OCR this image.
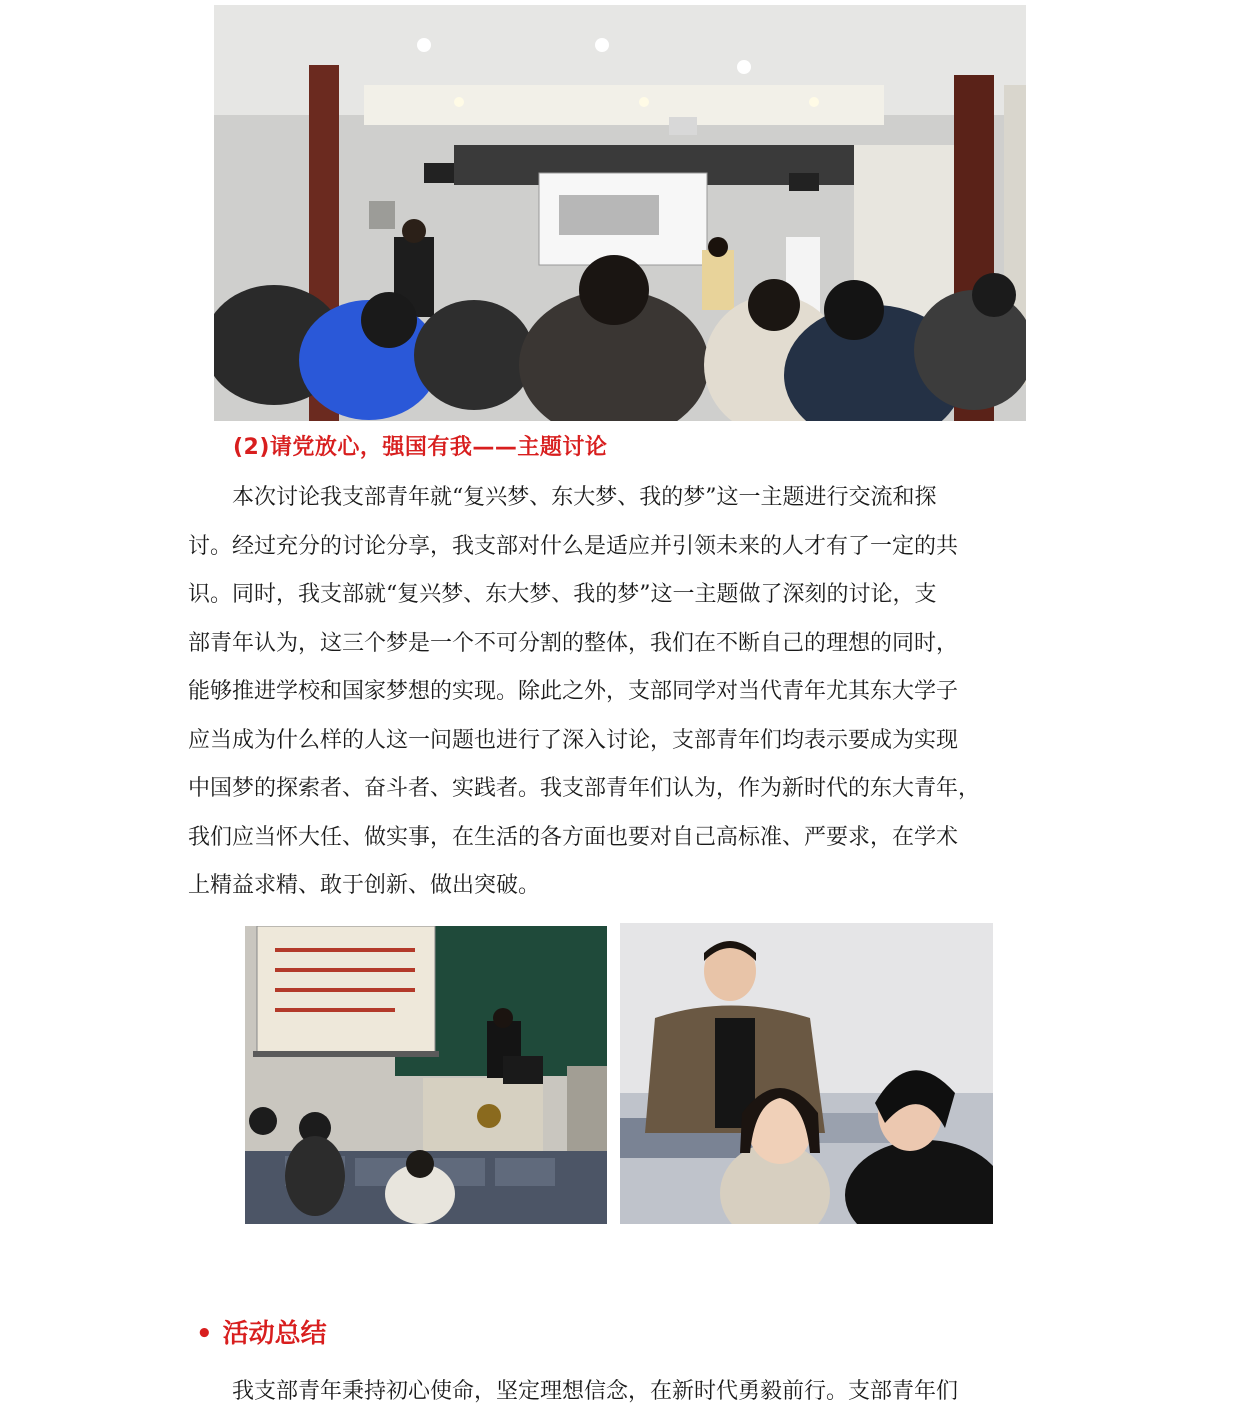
(2)请党放心，强国有我——主题讨论

　　本次讨论我支部青年就“复兴梦、东大梦、我的梦”这一主题进行交流和探
讨。经过充分的讨论分享，我支部对什么是适应并引领未来的人才有了一定的共
识。同时，我支部就“复兴梦、东大梦、我的梦”这一主题做了深刻的讨论，支
部青年认为，这三个梦是一个不可分割的整体，我们在不断自己的理想的同时，
能够推进学校和国家梦想的实现。除此之外，支部同学对当代青年尤其东大学子
应当成为什么样的人这一问题也进行了深入讨论，支部青年们均表示要成为实现
中国梦的探索者、奋斗者、实践者。我支部青年们认为，作为新时代的东大青年，
我们应当怀大任、做实事，在生活的各方面也要对自己高标准、严要求，在学术
上精益求精、敢于创新、做出突破。

• 活动总结

　　我支部青年秉持初心使命，坚定理想信念，在新时代勇毅前行。支部青年们
